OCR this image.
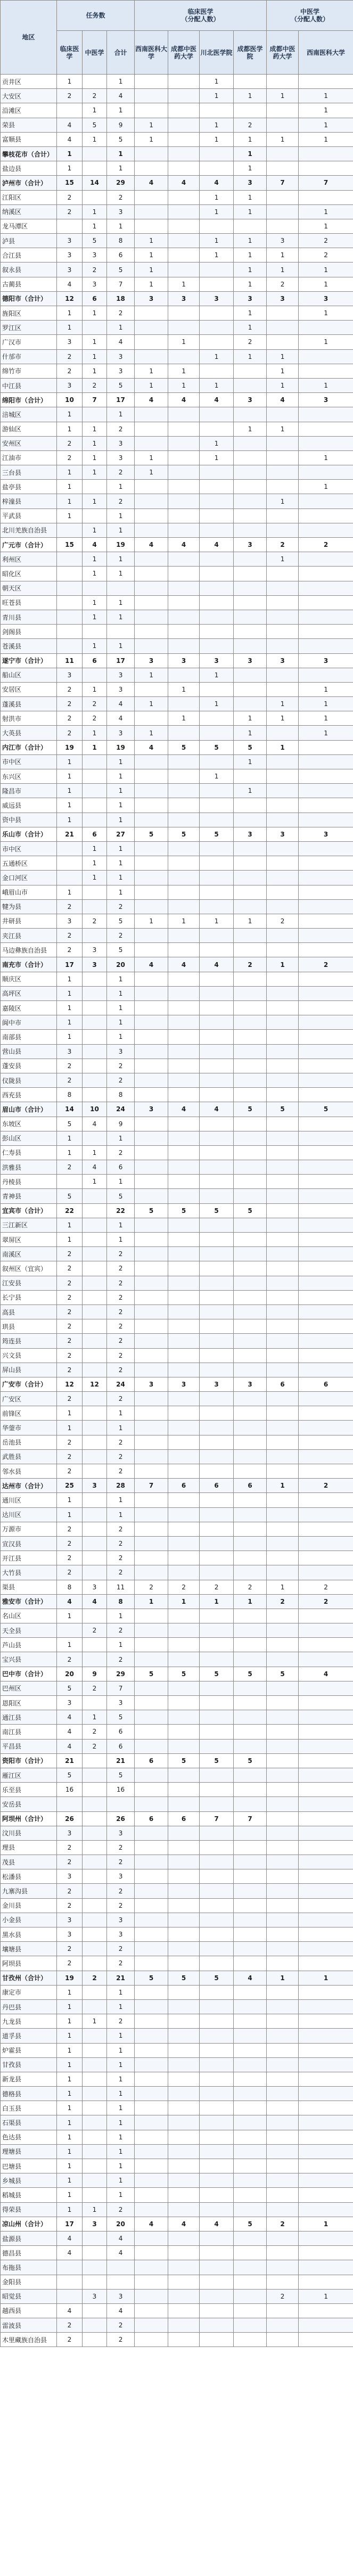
地区	任务数			临床医学
（分配人数）				中医学
（分配人数）	
	临床医学	中医学	合计	西南医科大学	成都中医药大学	川北医学院	成都医学院	成都中医药大学	西南医科大学
贡井区	1		1			1			
大安区	2	2	4			1	1	1	1
沿滩区		1	1						1
荣县	4	5	9	1		1	2		1
富顺县	4	1	5	1		1	1	1	1
攀枝花市（合计）	1		1				1		
盐边县	1		1				1		
泸州市（合计）	15	14	29	4	4	4	3	7	7
江阳区	2		2			1	1		
纳溪区	2	1	3			1	1		1
龙马潭区		1	1						1
泸县	3	5	8	1		1	1	3	2
合江县	3	3	6	1		1	1	1	2
叙永县	3	2	5	1			1	1	1
古蔺县	4	3	7	1	1		1	2	1
德阳市（合计）	12	6	18	3	3	3	3	3	3
旌阳区	1	1	2				1		1
罗江区	1		1				1		
广汉市	3	1	4		1		2		1
什邡市	2	1	3			1	1	1	
绵竹市	2	1	3	1	1			1	
中江县	3	2	5	1	1	1		1	1
绵阳市（合计）	10	7	17	4	4	4	3	4	3
涪城区	1		1						
游仙区	1	1	2				1	1	
安州区	2	1	3			1			
江油市	2	1	3	1		1			1
三台县	1	1	2	1					
盐亭县	1		1						1
梓潼县	1	1	2					1	
平武县	1		1						
北川羌族自治县		1	1						
广元市（合计）	15	4	19	4	4	4	3	2	2
利州区		1	1					1	
昭化区		1	1						
朝天区									
旺苍县		1	1						
青川县		1	1						
剑阁县									
苍溪县		1	1						
遂宁市（合计）	11	6	17	3	3	3	3	3	3
船山区	3		3	1		1			
安居区	2	1	3		1				1
蓬溪县	2	2	4	1		1		1	1
射洪市	2	2	4		1		1	1	1
大英县	2	1	3	1			1		1
内江市（合计）	19	1	19	4	5	5	5	1	
市中区	1		1				1		
东兴区	1		1			1			
隆昌市	1		1				1		
威远县	1		1						
资中县	1		1						
乐山市（合计）	21	6	27	5	5	5	3	3	3
市中区		1	1						
五通桥区		1	1						
金口河区		1	1						
峨眉山市	1		1						
犍为县	2		2						
井研县	3	2	5	1	1	1	1	2	
夹江县	2		2						
马边彝族自治县	2	3	5						
南充市（合计）	17	3	20	4	4	4	2	1	2
顺庆区	1		1						
高坪区	1		1						
嘉陵区	1		1						
阆中市	1		1						
南部县	1		1						
营山县	3		3						
蓬安县	2		2						
仪陇县	2		2						
西充县	8		8						
眉山市（合计）	14	10	24	3	4	4	5	5	5
东坡区	5	4	9						
彭山区	1		1						
仁寿县	1	1	2						
洪雅县	2	4	6						
丹棱县		1	1						
青神县	5		5						
宜宾市（合计）	22		22	5	5	5	5		
三江新区	1		1						
翠屏区	1		1						
南溪区	2		2						
叙州区（宜宾）	2		2						
江安县	2		2						
长宁县	2		2						
高县	2		2						
珙县	2		2						
筠连县	2		2						
兴文县	2		2						
屏山县	2		2						
广安市（合计）	12	12	24	3	3	3	3	6	6
广安区	2		2						
前锋区	1		1						
华蓥市	1		1						
岳池县	2		2						
武胜县	2		2						
邻水县	2		2						
达州市（合计）	25	3	28	7	6	6	6	1	2
通川区	1		1						
达川区	1		1						
万源市	2		2						
宣汉县	2		2						
开江县	2		2						
大竹县	2		2						
渠县	8	3	11	2	2	2	2	1	2
雅安市（合计）	4	4	8	1	1	1	1	2	2
名山区	1		1						
天全县		2	2						
芦山县	1		1						
宝兴县	2		2						
巴中市（合计）	20	9	29	5	5	5	5	5	4
巴州区	5	2	7						
恩阳区	3		3						
通江县	4	1	5						
南江县	4	2	6						
平昌县	4	2	6						
资阳市（合计）	21		21	6	5	5	5		
雁江区	5		5						
乐至县	16		16						
安岳县									
阿坝州（合计）	26		26	6	6	7	7		
汶川县	3		3						
理县	2		2						
茂县	2		2						
松潘县	3		3						
九寨沟县	2		2						
金川县	2		2						
小金县	3		3						
黑水县	3		3						
壤塘县	2		2						
阿坝县	2		2						
甘孜州（合计）	19	2	21	5	5	5	4	1	1
康定市	1		1						
丹巴县	1		1						
九龙县	1	1	2						
道孚县	1		1						
炉霍县	1		1						
甘孜县	1		1						
新龙县	1		1						
德格县	1		1						
白玉县	1		1						
石渠县	1		1						
色达县	1		1						
理塘县	1		1						
巴塘县	1		1						
乡城县	1		1						
稻城县	1		1						
得荣县	1	1	2						
凉山州（合计）	17	3	20	4	4	4	5	2	1
盐源县	4		4						
德昌县	4		4						
布拖县									
金阳县									
昭觉县		3	3					2	1
越西县	4		4						
雷波县	2		2						
木里藏族自治县	2		2						
